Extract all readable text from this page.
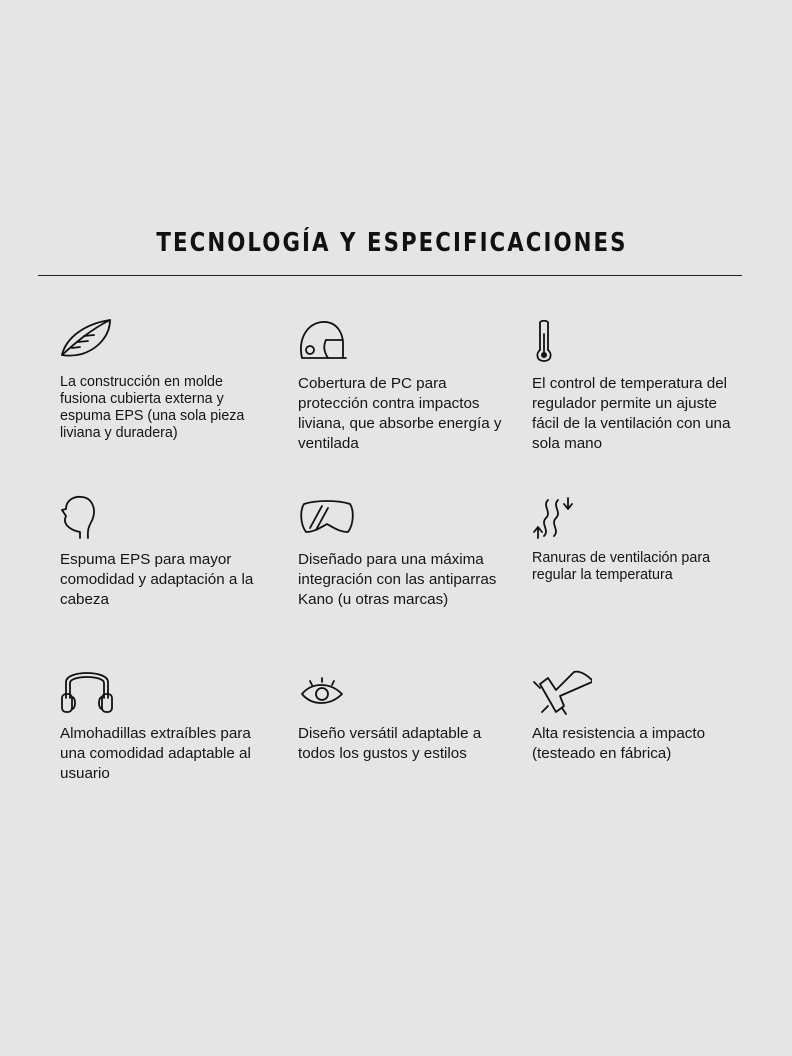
TECNOLOGÍA Y ESPECIFICACIONES
La construcción en molde fusiona cubierta externa y espuma EPS (una sola pieza liviana y duradera)
Cobertura de PC para protección contra impactos liviana, que absorbe energía y ventilada
El control de temperatura del regulador permite un ajuste fácil de la ventilación con una sola mano
Espuma EPS para mayor comodidad y adaptación a la cabeza
Diseñado para una máxima integración con las antiparras Kano (u otras marcas)
Ranuras de ventilación para regular la temperatura
Almohadillas extraíbles para una comodidad adaptable al usuario
Diseño versátil adaptable a todos los gustos y estilos
Alta resistencia a impacto (testeado en fábrica)
